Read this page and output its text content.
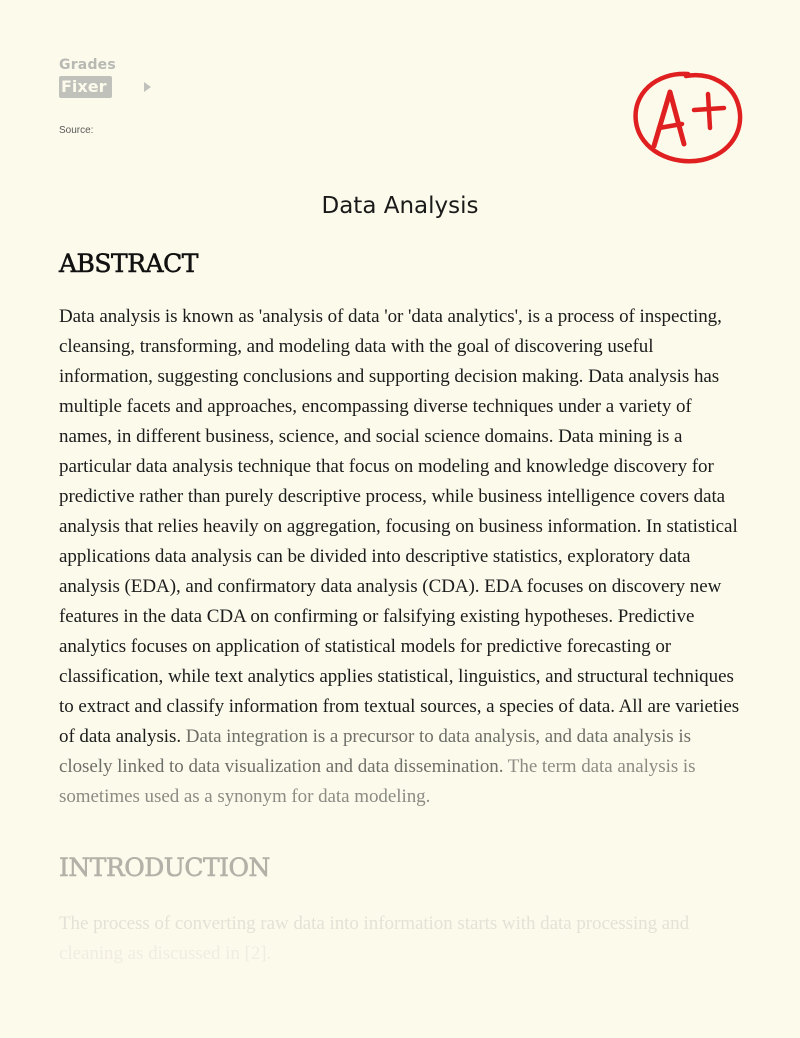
Grades
Fixer
Source:
Data Analysis
ABSTRACT

Data analysis is known as 'analysis of data 'or 'data analytics', is a process of inspecting, cleansing, transforming, and modeling data with the goal of discovering useful information, suggesting conclusions and supporting decision making. Data analysis has multiple facets and approaches, encompassing diverse techniques under a variety of names, in different business, science, and social science domains. Data mining is a particular data analysis technique that focus on modeling and knowledge discovery for predictive rather than purely descriptive process, while business intelligence covers data analysis that relies heavily on aggregation, focusing on business information. In statistical applications data analysis can be divided into descriptive statistics, exploratory data analysis (EDA), and confirmatory data analysis (CDA). EDA focuses on discovery new features in the data CDA on confirming or falsifying existing hypotheses. Predictive analytics focuses on application of statistical models for predictive forecasting or classification, while text analytics applies statistical, linguistics, and structural techniques to extract and classify information from textual sources, a species of data. All are varieties of data analysis. Data integration is a precursor to data analysis, and data analysis is closely linked to data visualization and data dissemination. The term data analysis is sometimes used as a synonym for data modeling.

INTRODUCTION

The process of converting raw data into information starts with data processing and
cleaning as discussed in [2].
